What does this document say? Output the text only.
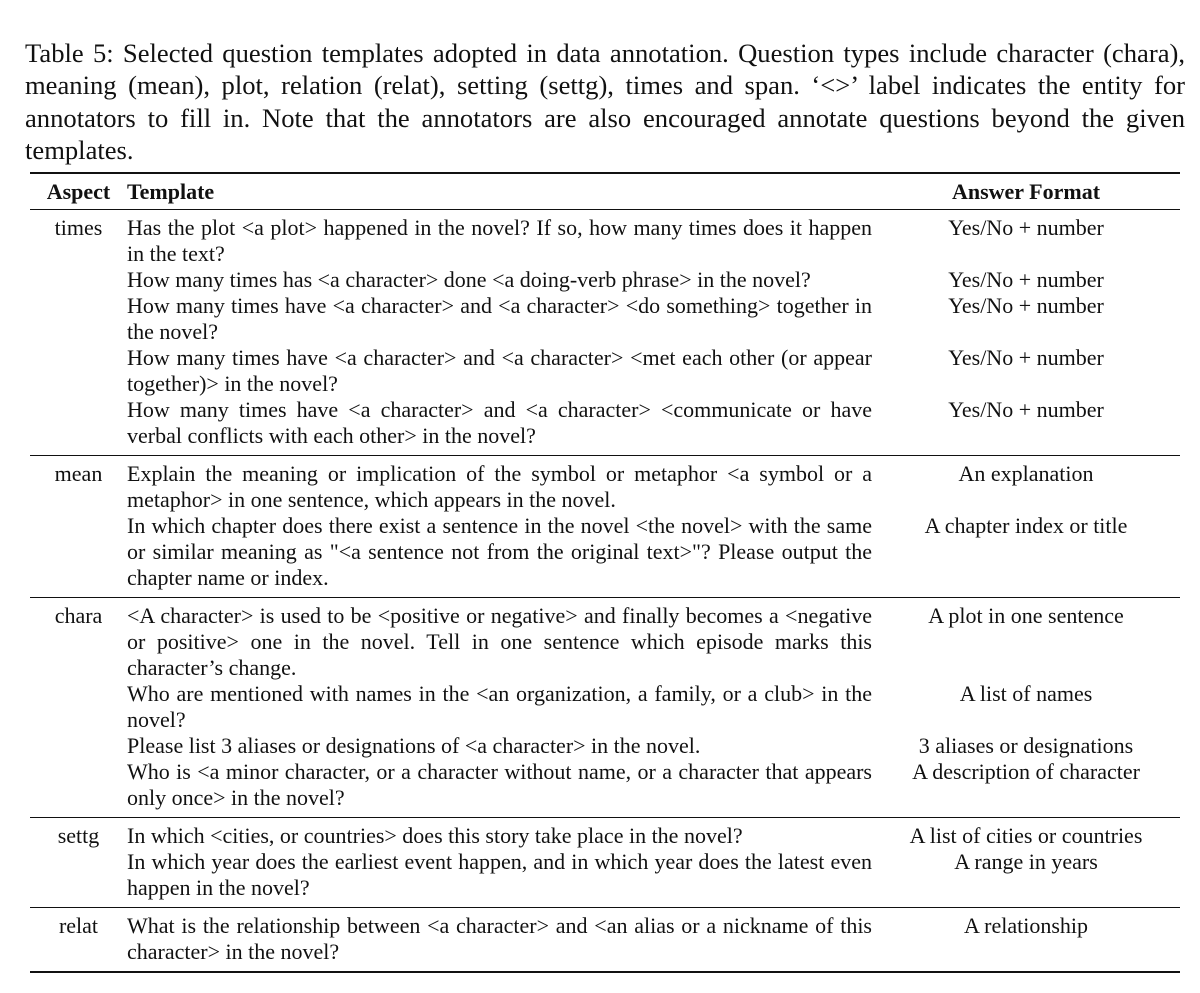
Table 5: Selected question templates adopted in data annotation. Question types include character (chara), meaning (mean), plot, relation (relat), setting (settg), times and span. ‘<>’ label indicates the entity for annotators to fill in. Note that the annotators are also encouraged annotate questions beyond the given templates.

Aspect	Template	Answer Format
times	Has the plot <a plot> happened in the novel? If so, how many times does it happen in the text?	Yes/No + number
	How many times has <a character> done <a doing-verb phrase> in the novel?	Yes/No + number
	How many times have <a character> and <a character> <do something> together in the novel?	Yes/No + number
	How many times have <a character> and <a character> <met each other (or appear together)> in the novel?	Yes/No + number
	How many times have <a character> and <a character> <communicate or have verbal conflicts with each other> in the novel?	Yes/No + number
mean	Explain the meaning or implication of the symbol or metaphor <a symbol or a metaphor> in one sentence, which appears in the novel.	An explanation
	In which chapter does there exist a sentence in the novel <the novel> with the same or similar meaning as "<a sentence not from the original text>"? Please output the chapter name or index.	A chapter index or title
chara	<A character> is used to be <positive or negative> and finally becomes a <negative or positive> one in the novel. Tell in one sentence which episode marks this character’s change.	A plot in one sentence
	Who are mentioned with names in the <an organization, a family, or a club> in the novel?	A list of names
	Please list 3 aliases or designations of <a character> in the novel.	3 aliases or designations
	Who is <a minor character, or a character without name, or a character that appears only once> in the novel?	A description of character
settg	In which <cities, or countries> does this story take place in the novel?	A list of cities or countries
	In which year does the earliest event happen, and in which year does the latest even happen in the novel?	A range in years
relat	What is the relationship between <a character> and <an alias or a nickname of this character> in the novel?	A relationship
